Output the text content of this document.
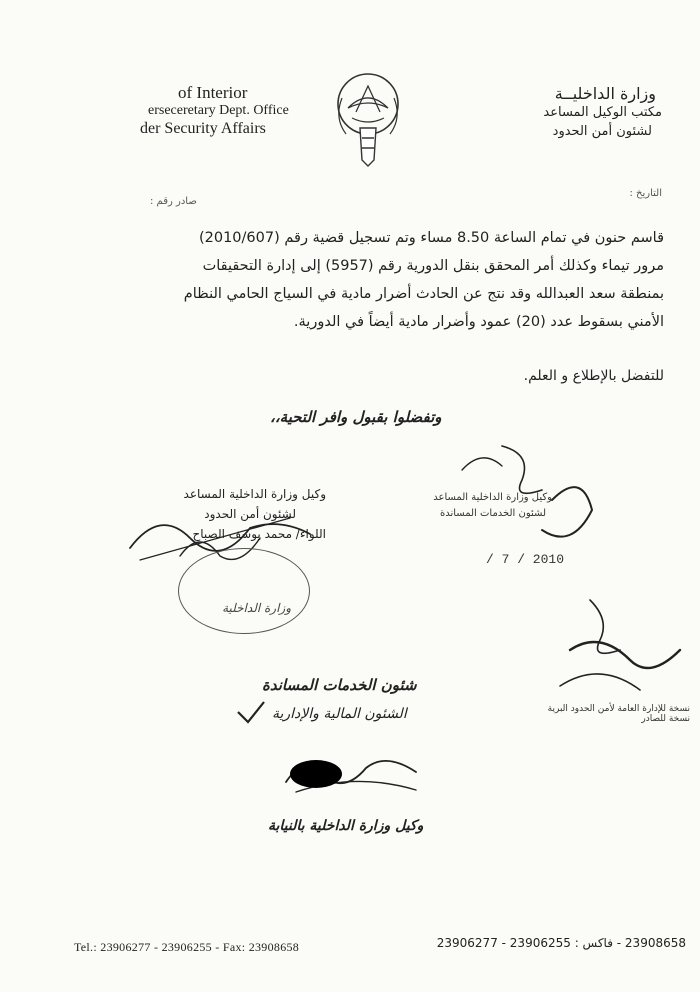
of Interior
erseceretary Dept. Office
der Security Affairs
وزارة الداخليــة
مكتب الوكيل المساعد
لشئون أمن الحدود
التاريخ :
صادر رقم :
قاسم حنون في تمام الساعة 8.50 مساء وتم تسجيل قضية رقم (2010/607)
مرور تيماء وكذلك أمر المحقق بنقل الدورية رقم (5957) إلى إدارة التحقيقات
بمنطقة سعد العبدالله وقد نتج عن الحادث أضرار مادية في السياج الحامي النظام
الأمني بسقوط عدد (20) عمود وأضرار مادية أيضاً في الدورية.
للتفضل بالإطلاع و العلم.
وتفضلوا بقبول وافر التحية،،
وكيل وزارة الداخلية المساعد
لشئون أمن الحدود
اللواء/ محمد يوسف الصباح
وزارة الداخلية
وكيل وزارة الداخلية المساعد
لشئون الخدمات المساندة
/ 7 / 2010
شئون الخدمات المساندة
الشئون المالية والإدارية	نسخة للإدارة العامة لأمن الحدود البرية
نسخة للصادر
وكيل وزارة الداخلية بالنيابة
Tel.: 23906277 - 23906255 - Fax: 23908658	23908658 - فاكس : 23906255 - 23906277
